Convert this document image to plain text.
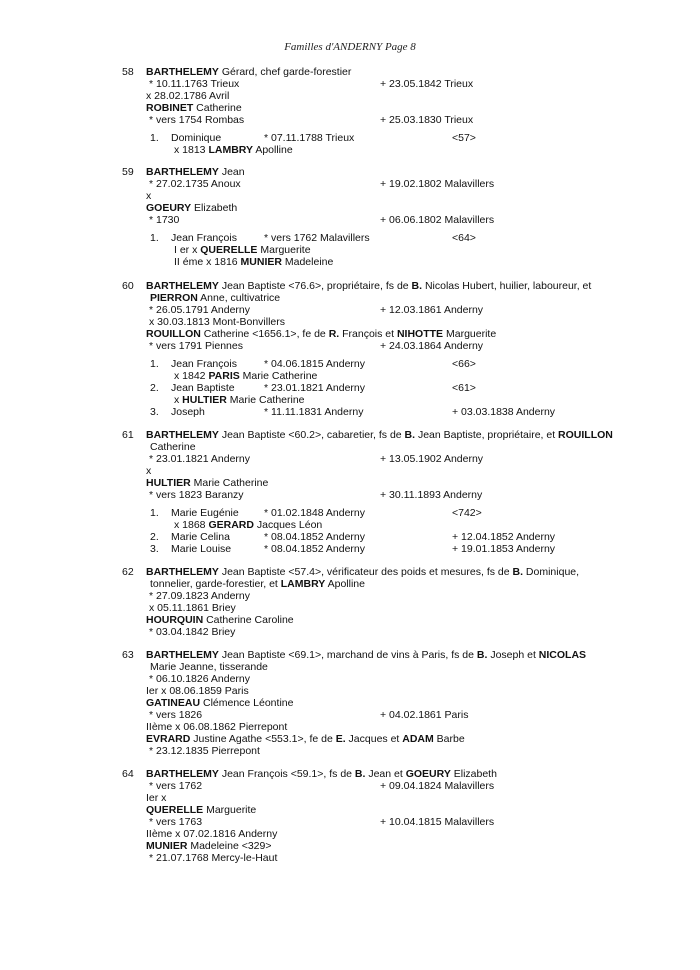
Familles d'ANDERNY Page 8
58 BARTHELEMY Gérard, chef garde-forestier
* 10.11.1763 Trieux	+ 23.05.1842 Trieux
x 28.02.1786 Avril
ROBINET Catherine
* vers 1754 Rombas	+ 25.03.1830 Trieux
1. Dominique	* 07.11.1788 Trieux	<57>
x 1813 LAMBRY Apolline
59 BARTHELEMY Jean
* 27.02.1735 Anoux	+ 19.02.1802 Malavillers
x
GOEURY Elizabeth
* 1730	+ 06.06.1802 Malavillers
1. Jean François	* vers 1762 Malavillers	<64>
I er x QUERELLE Marguerite
II éme x 1816 MUNIER Madeleine
60 BARTHELEMY Jean Baptiste <76.6>, propriétaire, fs de B. Nicolas Hubert, huilier, laboureur, et
PIERRON Anne, cultivatrice
* 26.05.1791 Anderny	+ 12.03.1861 Anderny
x 30.03.1813 Mont-Bonvillers
ROUILLON Catherine <1656.1>, fe de R. François et NIHOTTE Marguerite
* vers 1791 Piennes	+ 24.03.1864 Anderny
1. Jean François	* 04.06.1815 Anderny	<66>
x 1842 PARIS Marie Catherine
2. Jean Baptiste	* 23.01.1821 Anderny	<61>
x HULTIER Marie Catherine
3. Joseph	* 11.11.1831 Anderny	+ 03.03.1838 Anderny
61 BARTHELEMY Jean Baptiste <60.2>, cabaretier, fs de B. Jean Baptiste, propriétaire, et ROUILLON
Catherine
* 23.01.1821 Anderny	+ 13.05.1902 Anderny
x
HULTIER Marie Catherine
* vers 1823 Baranzy	+ 30.11.1893 Anderny
1. Marie Eugénie * 01.02.1848 Anderny	<742>
x 1868 GERARD Jacques Léon
2. Marie Celina	* 08.04.1852 Anderny	+ 12.04.1852 Anderny
3. Marie Louise	* 08.04.1852 Anderny	+ 19.01.1853 Anderny
62 BARTHELEMY Jean Baptiste <57.4>, vérificateur des poids et mesures, fs de B. Dominique,
tonnelier, garde-forestier, et LAMBRY Apolline
* 27.09.1823 Anderny
x 05.11.1861 Briey
HOURQUIN Catherine Caroline
* 03.04.1842 Briey
63 BARTHELEMY Jean Baptiste <69.1>, marchand de vins à Paris, fs de B. Joseph et NICOLAS
Marie Jeanne, tisserande
* 06.10.1826 Anderny
Ier x 08.06.1859 Paris
GATINEAU Clémence Léontine
* vers 1826	+ 04.02.1861 Paris
IIème x 06.08.1862 Pierrepont
EVRARD Justine Agathe <553.1>, fe de E. Jacques et ADAM Barbe
* 23.12.1835 Pierrepont
64 BARTHELEMY Jean François <59.1>, fs de B. Jean et GOEURY Elizabeth
* vers 1762	+ 09.04.1824 Malavillers
Ier x
QUERELLE Marguerite
* vers 1763	+ 10.04.1815 Malavillers
IIème x 07.02.1816 Anderny
MUNIER Madeleine <329>
* 21.07.1768 Mercy-le-Haut
